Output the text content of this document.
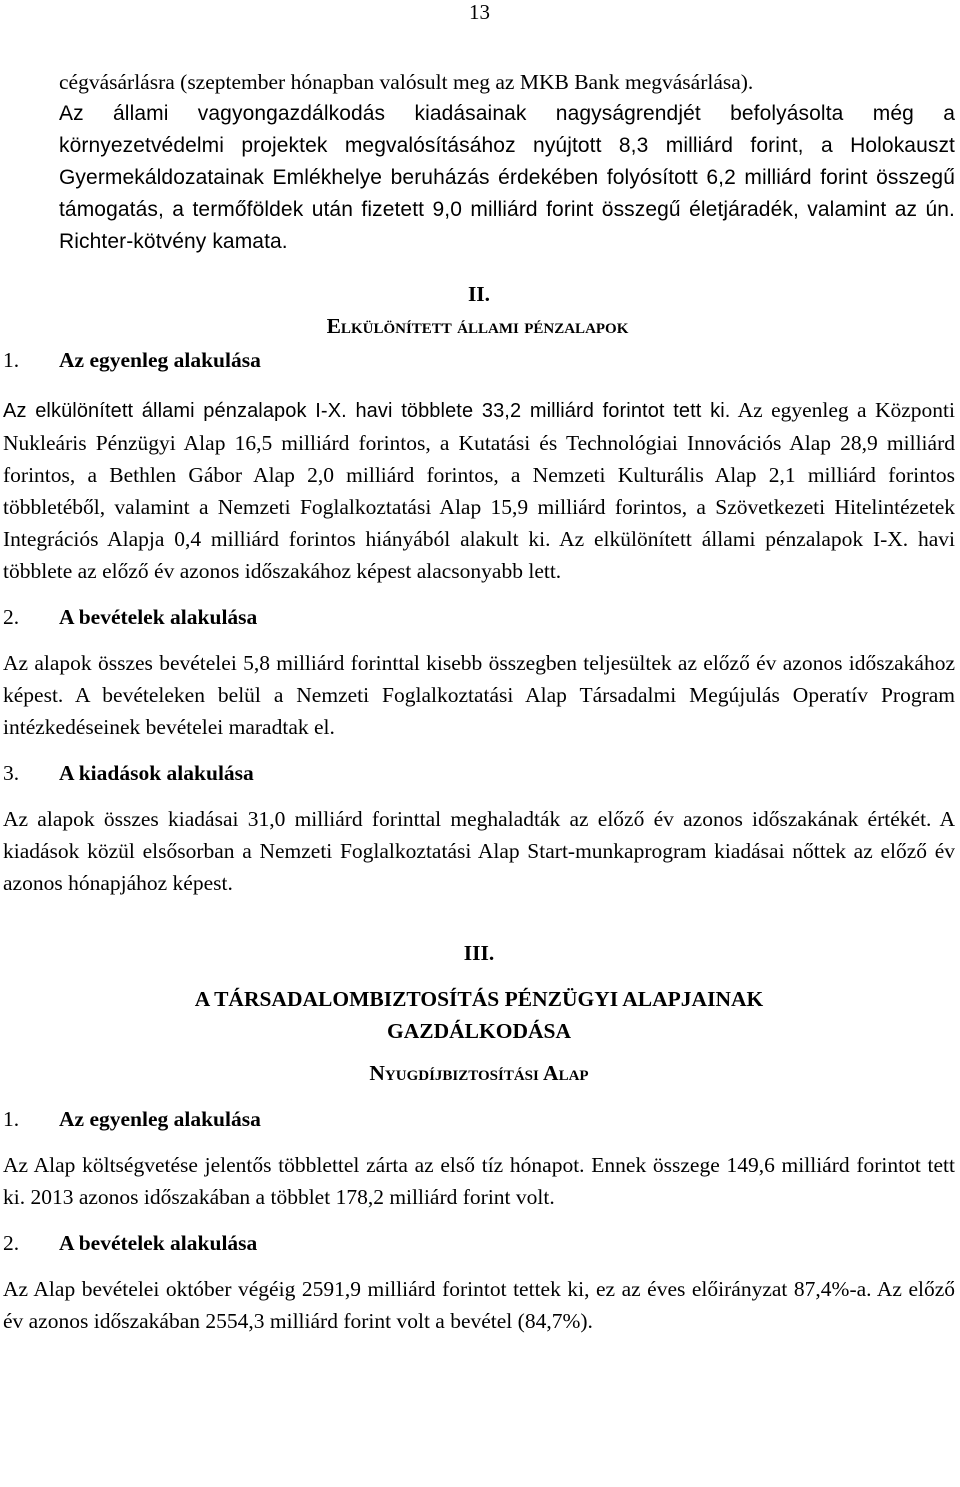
13

cégvásárlásra (szeptember hónapban valósult meg az MKB Bank megvásárlása).

Az állami vagyongazdálkodás kiadásainak nagyságrendjét befolyásolta még a környezetvédelmi projektek megvalósításához nyújtott 8,3 milliárd forint, a Holokauszt Gyermekáldozatainak Emlékhelye beruházás érdekében folyósított 6,2 milliárd forint összegű támogatás, a termőföldek után fizetett 9,0 milliárd forint összegű életjáradék, valamint az ún. Richter-kötvény kamata.

II.
Elkülönített állami pénzalapok
1. Az egyenleg alakulása

Az elkülönített állami pénzalapok I-X. havi többlete 33,2 milliárd forintot tett ki. Az egyenleg a Központi Nukleáris Pénzügyi Alap 16,5 milliárd forintos, a Kutatási és Technológiai Innovációs Alap 28,9 milliárd forintos, a Bethlen Gábor Alap 2,0 milliárd forintos, a Nemzeti Kulturális Alap 2,1 milliárd forintos többletéből, valamint a Nemzeti Foglalkoztatási Alap 15,9 milliárd forintos, a Szövetkezeti Hitelintézetek Integrációs Alapja 0,4 milliárd forintos hiányából alakult ki. Az elkülönített állami pénzalapok I-X. havi többlete az előző év azonos időszakához képest alacsonyabb lett.

2. A bevételek alakulása

Az alapok összes bevételei 5,8 milliárd forinttal kisebb összegben teljesültek az előző év azonos időszakához képest. A bevételeken belül a Nemzeti Foglalkoztatási Alap Társadalmi Megújulás Operatív Program intézkedéseinek bevételei maradtak el.

3. A kiadások alakulása

Az alapok összes kiadásai 31,0 milliárd forinttal meghaladták az előző év azonos időszakának értékét. A kiadások közül elsősorban a Nemzeti Foglalkoztatási Alap Start-munkaprogram kiadásai nőttek az előző év azonos hónapjához képest.

III.
A TÁRSADALOMBIZTOSÍTÁS PÉNZÜGYI ALAPJAINAK
GAZDÁLKODÁSA
Nyugdíjbiztosítási Alap
1. Az egyenleg alakulása

Az Alap költségvetése jelentős többlettel zárta az első tíz hónapot. Ennek összege 149,6 milliárd forintot tett ki. 2013 azonos időszakában a többlet 178,2 milliárd forint volt.

2. A bevételek alakulása

Az Alap bevételei október végéig 2591,9 milliárd forintot tettek ki, ez az éves előirányzat 87,4%-a. Az előző év azonos időszakában 2554,3 milliárd forint volt a bevétel (84,7%).
